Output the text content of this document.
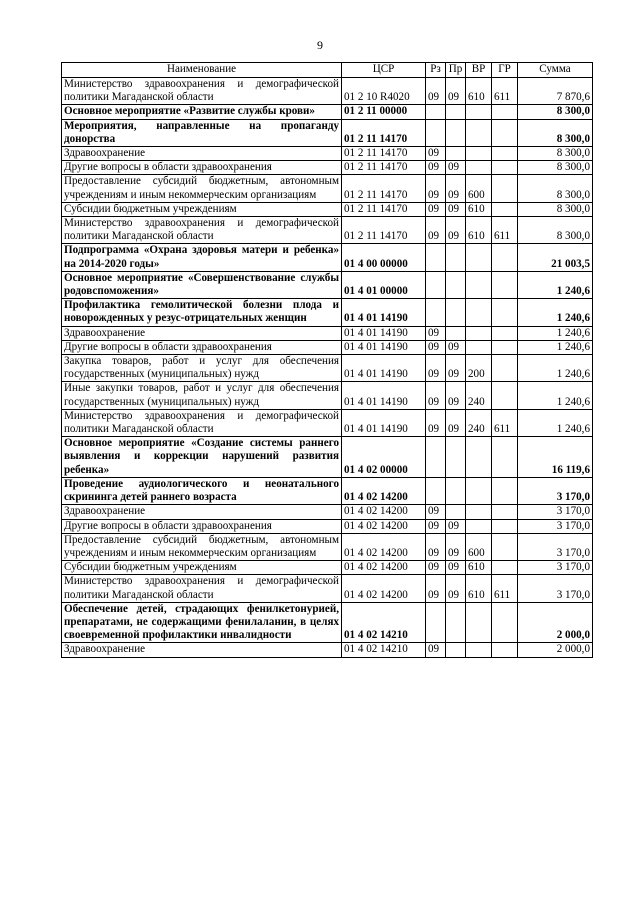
9
Наименование	ЦСР	Рз	Пр	ВР	ГР	Сумма
Министерство здравоохранения и демографической политики Магаданской области	01 2 10 R4020	09	09	610	611	7 870,6
Основное мероприятие «Развитие службы крови»	01 2 11 00000					8 300,0
Мероприятия, направленные на пропаганду донорства	01 2 11 14170					8 300,0
Здравоохранение	01 2 11 14170	09				8 300,0
Другие вопросы в области здравоохранения	01 2 11 14170	09	09			8 300,0
Предоставление субсидий бюджетным, автономным учреждениям и иным некоммерческим организациям	01 2 11 14170	09	09	600		8 300,0
Субсидии бюджетным учреждениям	01 2 11 14170	09	09	610		8 300,0
Министерство здравоохранения и демографической политики Магаданской области	01 2 11 14170	09	09	610	611	8 300,0
Подпрограмма «Охрана здоровья матери и ребенка» на 2014-2020 годы»	01 4 00 00000					21 003,5
Основное мероприятие «Совершенствование службы родовспоможения»	01 4 01 00000					1 240,6
Профилактика гемолитической болезни плода и новорожденных у резус-отрицательных женщин	01 4 01 14190					1 240,6
Здравоохранение	01 4 01 14190	09				1 240,6
Другие вопросы в области здравоохранения	01 4 01 14190	09	09			1 240,6
Закупка товаров, работ и услуг для обеспечения государственных (муниципальных) нужд	01 4 01 14190	09	09	200		1 240,6
Иные закупки товаров, работ и услуг для обеспечения государственных (муниципальных) нужд	01 4 01 14190	09	09	240		1 240,6
Министерство здравоохранения и демографической политики Магаданской области	01 4 01 14190	09	09	240	611	1 240,6
Основное мероприятие «Создание системы раннего выявления и коррекции нарушений развития ребенка»	01 4 02 00000					16 119,6
Проведение аудиологического и неонатального скрининга детей раннего возраста	01 4 02 14200					3 170,0
Здравоохранение	01 4 02 14200	09				3 170,0
Другие вопросы в области здравоохранения	01 4 02 14200	09	09			3 170,0
Предоставление субсидий бюджетным, автономным учреждениям и иным некоммерческим организациям	01 4 02 14200	09	09	600		3 170,0
Субсидии бюджетным учреждениям	01 4 02 14200	09	09	610		3 170,0
Министерство здравоохранения и демографической политики Магаданской области	01 4 02 14200	09	09	610	611	3 170,0
Обеспечение детей, страдающих фенилкетонурией, препаратами, не содержащими фенилаланин, в целях своевременной профилактики инвалидности	01 4 02 14210					2 000,0
Здравоохранение	01 4 02 14210	09				2 000,0
